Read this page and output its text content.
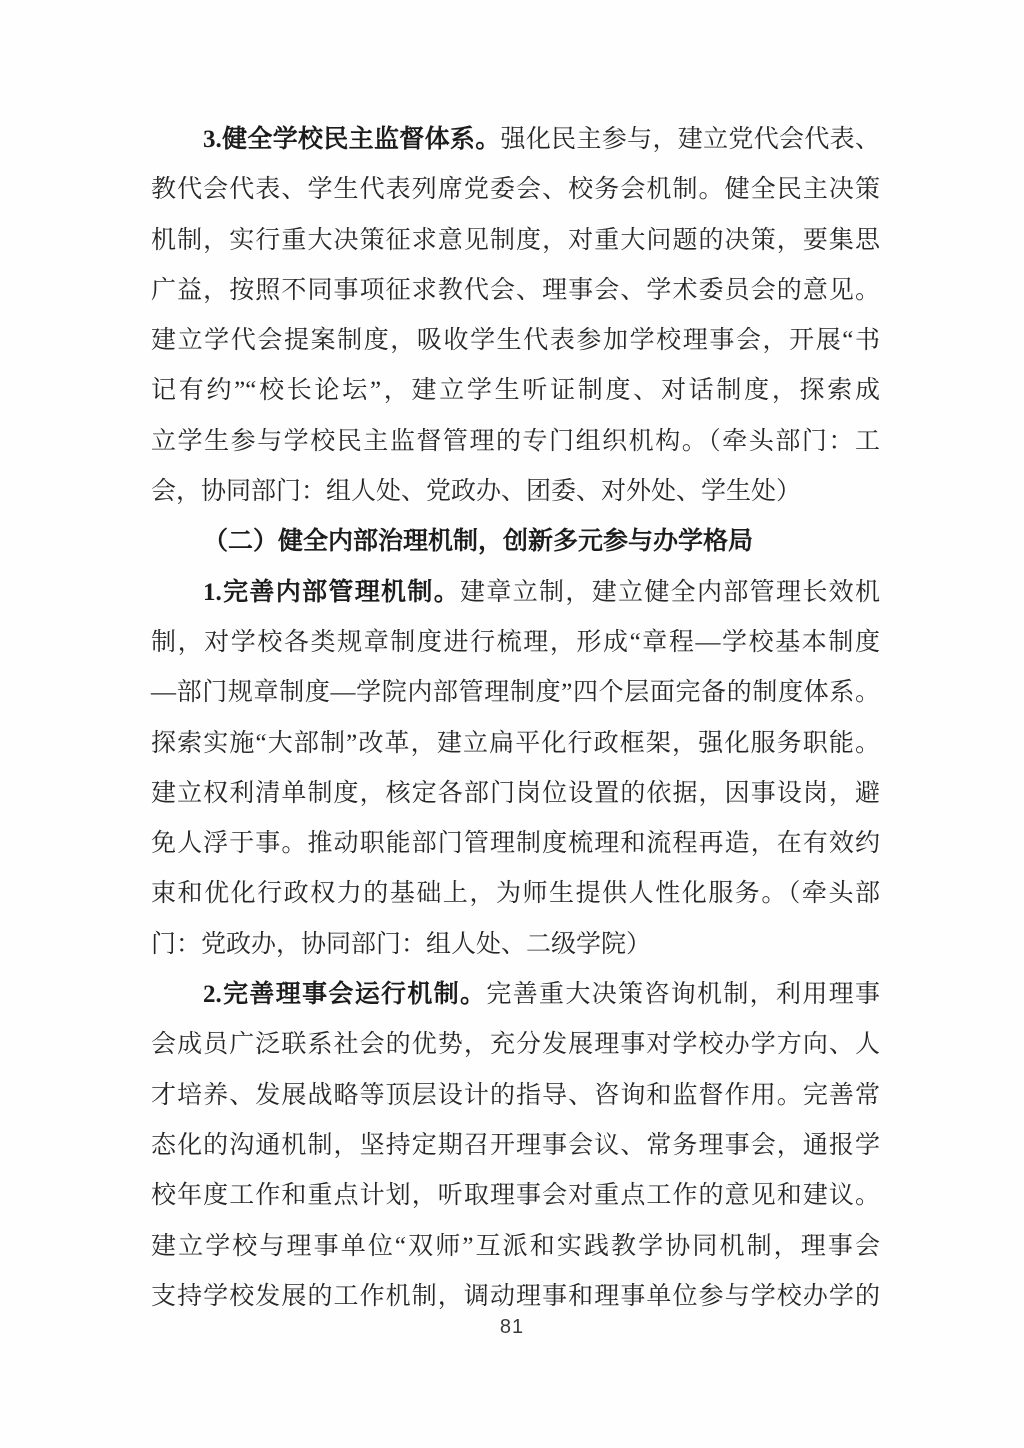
3.健全学校民主监督体系。强化民主参与，建立党代会代表、
教代会代表、学生代表列席党委会、校务会机制。健全民主决策
机制，实行重大决策征求意见制度，对重大问题的决策，要集思
广益，按照不同事项征求教代会、理事会、学术委员会的意见。
建立学代会提案制度，吸收学生代表参加学校理事会，开展“书
记有约”“校长论坛”，建立学生听证制度、对话制度，探索成
立学生参与学校民主监督管理的专门组织机构。（牵头部门：工
会，协同部门：组人处、党政办、团委、对外处、学生处）
（二）健全内部治理机制，创新多元参与办学格局
1.完善内部管理机制。建章立制，建立健全内部管理长效机
制，对学校各类规章制度进行梳理，形成“章程—学校基本制度
—部门规章制度—学院内部管理制度”四个层面完备的制度体系。
探索实施“大部制”改革，建立扁平化行政框架，强化服务职能。
建立权利清单制度，核定各部门岗位设置的依据，因事设岗，避
免人浮于事。推动职能部门管理制度梳理和流程再造，在有效约
束和优化行政权力的基础上，为师生提供人性化服务。（牵头部
门：党政办，协同部门：组人处、二级学院）
2.完善理事会运行机制。完善重大决策咨询机制，利用理事
会成员广泛联系社会的优势，充分发展理事对学校办学方向、人
才培养、发展战略等顶层设计的指导、咨询和监督作用。完善常
态化的沟通机制，坚持定期召开理事会议、常务理事会，通报学
校年度工作和重点计划，听取理事会对重点工作的意见和建议。
建立学校与理事单位“双师”互派和实践教学协同机制，理事会
支持学校发展的工作机制，调动理事和理事单位参与学校办学的
81
